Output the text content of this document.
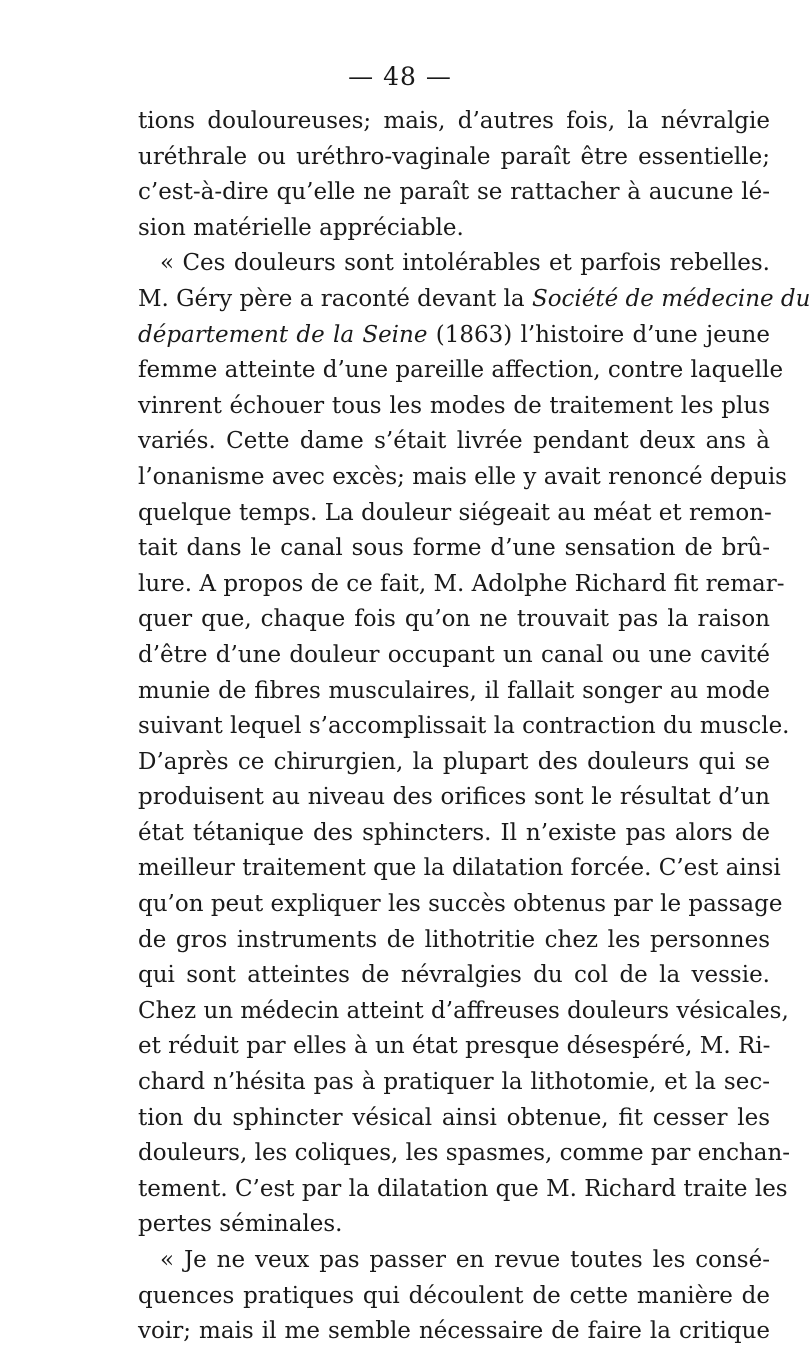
— 48 —
tions douloureuses; mais, d’autres fois, la névralgie
uréthrale ou uréthro-vaginale paraît être essentielle;
c’est-à-dire qu’elle ne paraît se rattacher à aucune lé-
sion matérielle appréciable.
« Ces douleurs sont intolérables et parfois rebelles.
M. Géry père a raconté devant la Société de médecine du
département de la Seine (1863) l’histoire d’une jeune
femme atteinte d’une pareille affection, contre laquelle
vinrent échouer tous les modes de traitement les plus
variés. Cette dame s’était livrée pendant deux ans à
l’onanisme avec excès; mais elle y avait renoncé depuis
quelque temps. La douleur siégeait au méat et remon-
tait dans le canal sous forme d’une sensation de brû-
lure. A propos de ce fait, M. Adolphe Richard fit remar-
quer que, chaque fois qu’on ne trouvait pas la raison
d’être d’une douleur occupant un canal ou une cavité
munie de fibres musculaires, il fallait songer au mode
suivant lequel s’accomplissait la contraction du muscle.
D’après ce chirurgien, la plupart des douleurs qui se
produisent au niveau des orifices sont le résultat d’un
état tétanique des sphincters. Il n’existe pas alors de
meilleur traitement que la dilatation forcée. C’est ainsi
qu’on peut expliquer les succès obtenus par le passage
de gros instruments de lithotritie chez les personnes
qui sont atteintes de névralgies du col de la vessie.
Chez un médecin atteint d’affreuses douleurs vésicales,
et réduit par elles à un état presque désespéré, M. Ri-
chard n’hésita pas à pratiquer la lithotomie, et la sec-
tion du sphincter vésical ainsi obtenue, fit cesser les
douleurs, les coliques, les spasmes, comme par enchan-
tement. C’est par la dilatation que M. Richard traite les
pertes séminales.
« Je ne veux pas passer en revue toutes les consé-
quences pratiques qui découlent de cette manière de
voir; mais il me semble nécessaire de faire la critique
